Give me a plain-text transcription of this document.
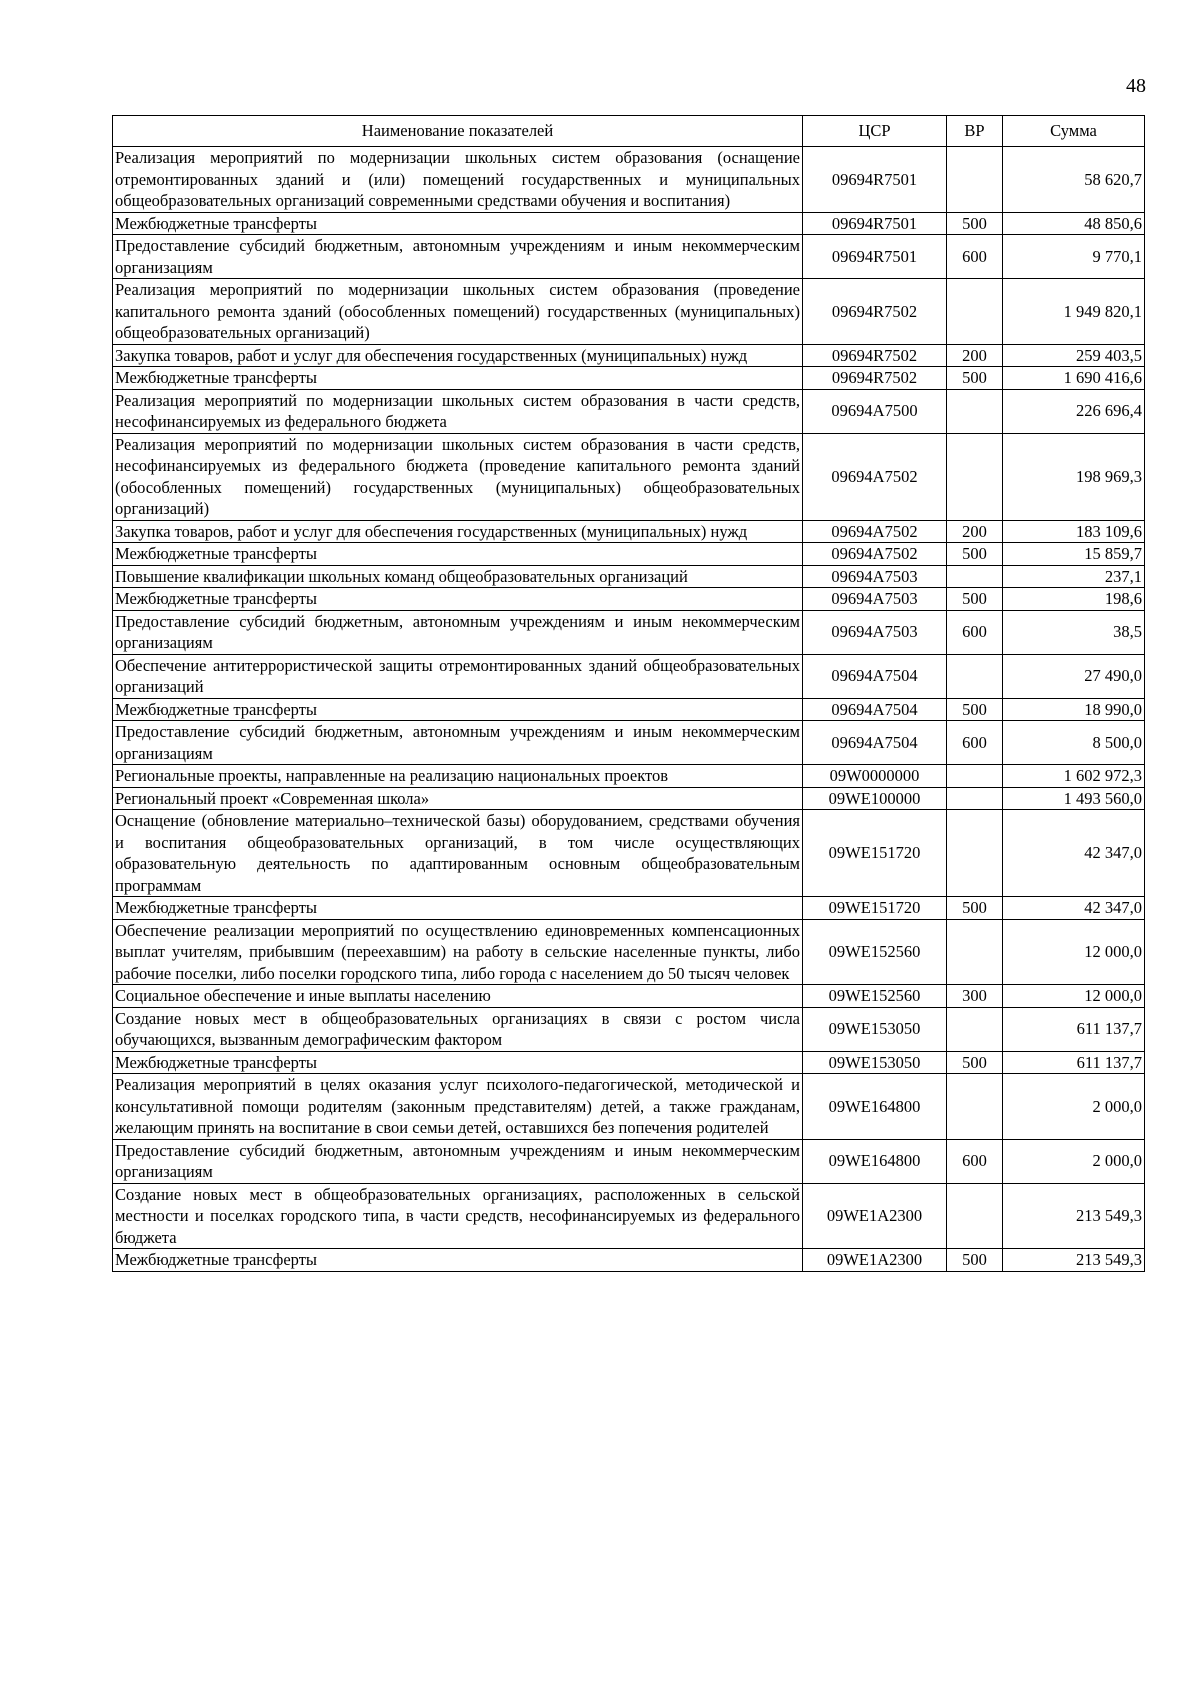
48
Наименование показателей	ЦСР	ВР	Сумма
Реализация мероприятий по модернизации школьных систем образования (оснащение отремонтированных зданий и (или) помещений государственных и муниципальных общеобразовательных организаций современными средствами обучения и воспитания)	09694R7501		58 620,7
Межбюджетные трансферты	09694R7501	500	48 850,6
Предоставление субсидий бюджетным, автономным учреждениям и иным некоммерческим организациям	09694R7501	600	9 770,1
Реализация мероприятий по модернизации школьных систем образования (проведение капитального ремонта зданий (обособленных помещений) государственных (муниципальных) общеобразовательных организаций)	09694R7502		1 949 820,1
Закупка товаров, работ и услуг для обеспечения государственных (муниципальных) нужд	09694R7502	200	259 403,5
Межбюджетные трансферты	09694R7502	500	1 690 416,6
Реализация мероприятий по модернизации школьных систем образования в части средств, несофинансируемых из федерального бюджета	09694A7500		226 696,4
Реализация мероприятий по модернизации школьных систем образования в части средств, несофинансируемых из федерального бюджета (проведение капитального ремонта зданий (обособленных помещений) государственных (муниципальных) общеобразовательных организаций)	09694A7502		198 969,3
Закупка товаров, работ и услуг для обеспечения государственных (муниципальных) нужд	09694A7502	200	183 109,6
Межбюджетные трансферты	09694A7502	500	15 859,7
Повышение квалификации школьных команд общеобразовательных организаций	09694A7503		237,1
Межбюджетные трансферты	09694A7503	500	198,6
Предоставление субсидий бюджетным, автономным учреждениям и иным некоммерческим организациям	09694A7503	600	38,5
Обеспечение антитеррористической защиты отремонтированных зданий общеобразовательных организаций	09694A7504		27 490,0
Межбюджетные трансферты	09694A7504	500	18 990,0
Предоставление субсидий бюджетным, автономным учреждениям и иным некоммерческим организациям	09694A7504	600	8 500,0
Региональные проекты, направленные на реализацию национальных проектов	09W0000000		1 602 972,3
Региональный проект «Современная школа»	09WE100000		1 493 560,0
Оснащение (обновление материально–технической базы) оборудованием, средствами обучения и воспитания общеобразовательных организаций, в том числе осуществляющих образовательную деятельность по адаптированным основным общеобразовательным программам	09WE151720		42 347,0
Межбюджетные трансферты	09WE151720	500	42 347,0
Обеспечение реализации мероприятий по осуществлению единовременных компенсационных выплат учителям, прибывшим (переехавшим) на работу в сельские населенные пункты, либо рабочие поселки, либо поселки городского типа, либо города с населением до 50 тысяч человек	09WE152560		12 000,0
Социальное обеспечение и иные выплаты населению	09WE152560	300	12 000,0
Создание новых мест в общеобразовательных организациях в связи с ростом числа обучающихся, вызванным демографическим фактором	09WE153050		611 137,7
Межбюджетные трансферты	09WE153050	500	611 137,7
Реализация мероприятий в целях оказания услуг психолого-педагогической, методической и консультативной помощи родителям (законным представителям) детей, а также гражданам, желающим принять на воспитание в свои семьи детей, оставшихся без попечения родителей	09WE164800		2 000,0
Предоставление субсидий бюджетным, автономным учреждениям и иным некоммерческим организациям	09WE164800	600	2 000,0
Создание новых мест в общеобразовательных организациях, расположенных в сельской местности и поселках городского типа, в части средств, несофинансируемых из федерального бюджета	09WE1A2300		213 549,3
Межбюджетные трансферты	09WE1A2300	500	213 549,3
